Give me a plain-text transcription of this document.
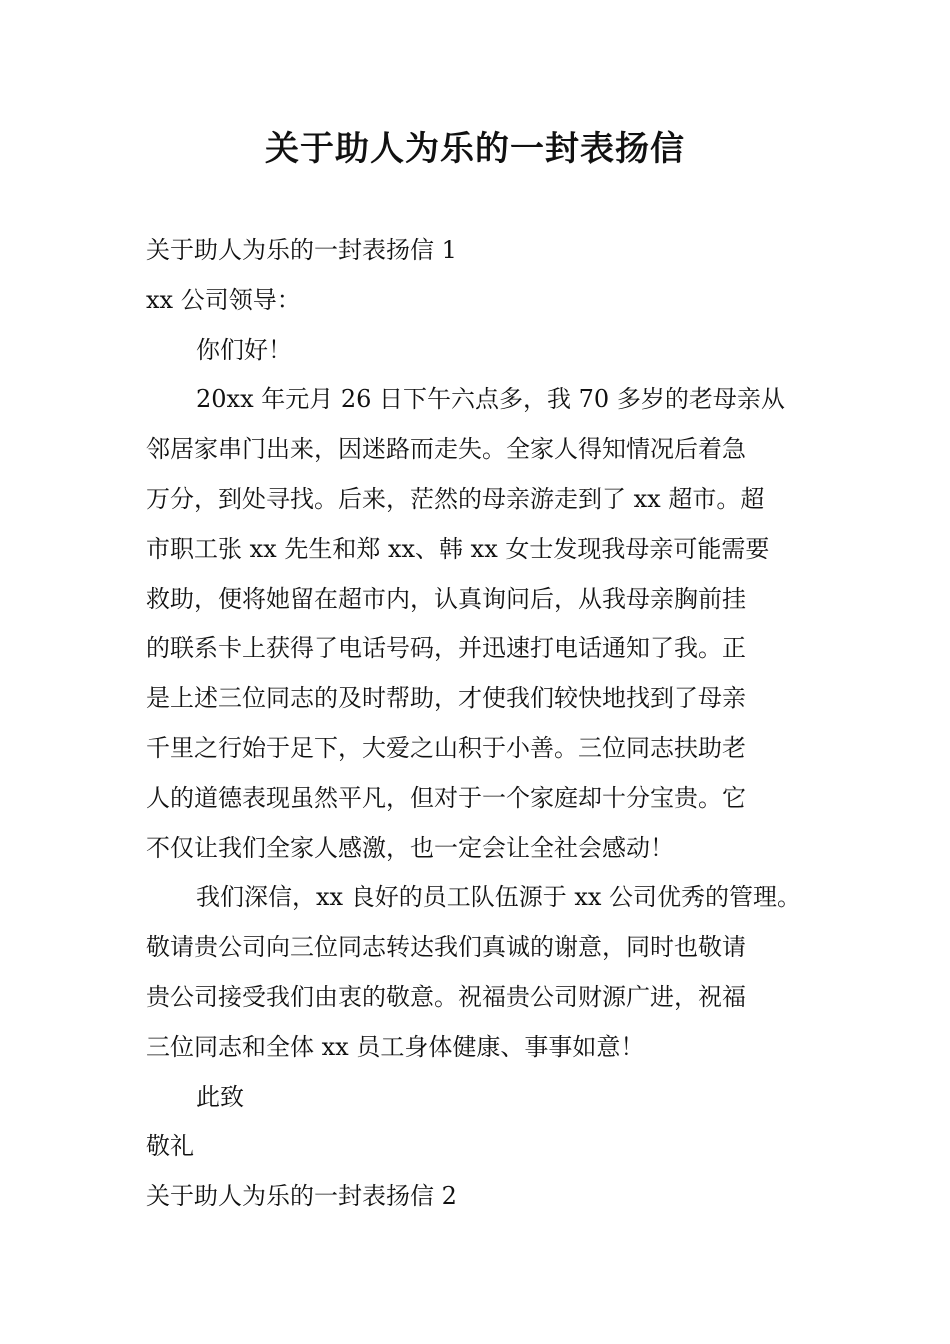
关于助人为乐的一封表扬信
关于助人为乐的一封表扬信 1
xx 公司领导：
你们好！
20xx 年元月 26 日下午六点多，我 70 多岁的老母亲从
邻居家串门出来，因迷路而走失。全家人得知情况后着急
万分，到处寻找。后来，茫然的母亲游走到了 xx 超市。超
市职工张 xx 先生和郑 xx、韩 xx 女士发现我母亲可能需要
救助，便将她留在超市内，认真询问后，从我母亲胸前挂
的联系卡上获得了电话号码，并迅速打电话通知了我。正
是上述三位同志的及时帮助，才使我们较快地找到了母亲
千里之行始于足下，大爱之山积于小善。三位同志扶助老
人的道德表现虽然平凡，但对于一个家庭却十分宝贵。它
不仅让我们全家人感激，也一定会让全社会感动！
我们深信，xx 良好的员工队伍源于 xx 公司优秀的管理。
敬请贵公司向三位同志转达我们真诚的谢意，同时也敬请
贵公司接受我们由衷的敬意。祝福贵公司财源广进，祝福
三位同志和全体 xx 员工身体健康、事事如意！
此致
敬礼
关于助人为乐的一封表扬信 2
